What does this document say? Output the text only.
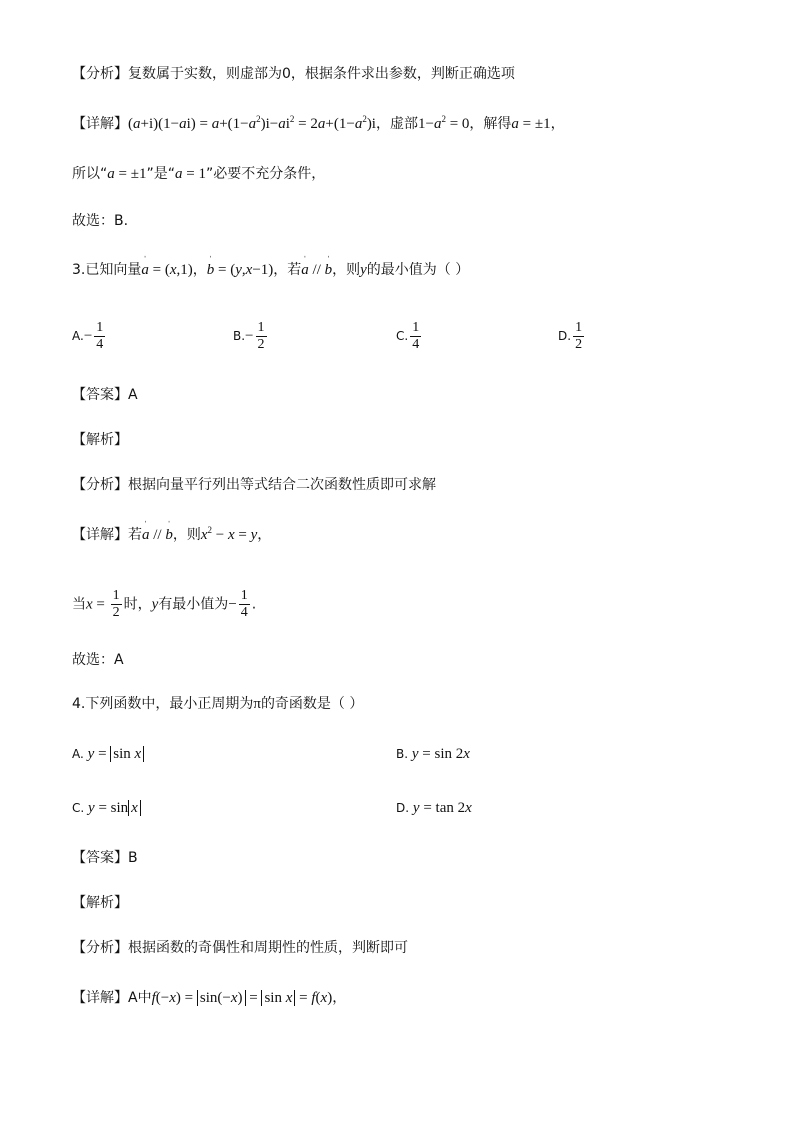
【分析】复数属于实数，则虚部为0，根据条件求出参数，判断正确选项
【详解】$(a+i)(1-ai) = a+(1-a^2)i-ai^2 = 2a+(1-a^2)i$，虚部$1-a^2 = 0$，解得a = ±1，
所以“a = ±1”是“a = 1”必要不充分条件，
故选：B.
3.已知向量ˈ a = (x,1)，ˈ b = (y,x−1)，若ˈ a // ˈ b，则y的最小值为（ ）
$A.- \frac{1}{4}$	$B.- \frac{1}{2}$	C. $\frac{1}{4}$	D. $\frac{1}{2}$
【答案】A
【解析】
【分析】根据向量平行列出等式结合二次函数性质即可求解
【详解】若ˈ a // ˈ b，则$x^2 - x = y$，
当$x = \frac{1}{2}$ 时，y有最小值为− $\frac{1}{4}$ .
故选：A
4.下列函数中，最小正周期为π的奇函数是（ ）
A. y = sin x	B. y = sin 2x
C. y = sin x	D. y = tan 2x
【答案】B
【解析】
【分析】根据函数的奇偶性和周期性的性质，判断即可
【详解】A中f(−x) = sin(−x) = sin x = f(x)，
